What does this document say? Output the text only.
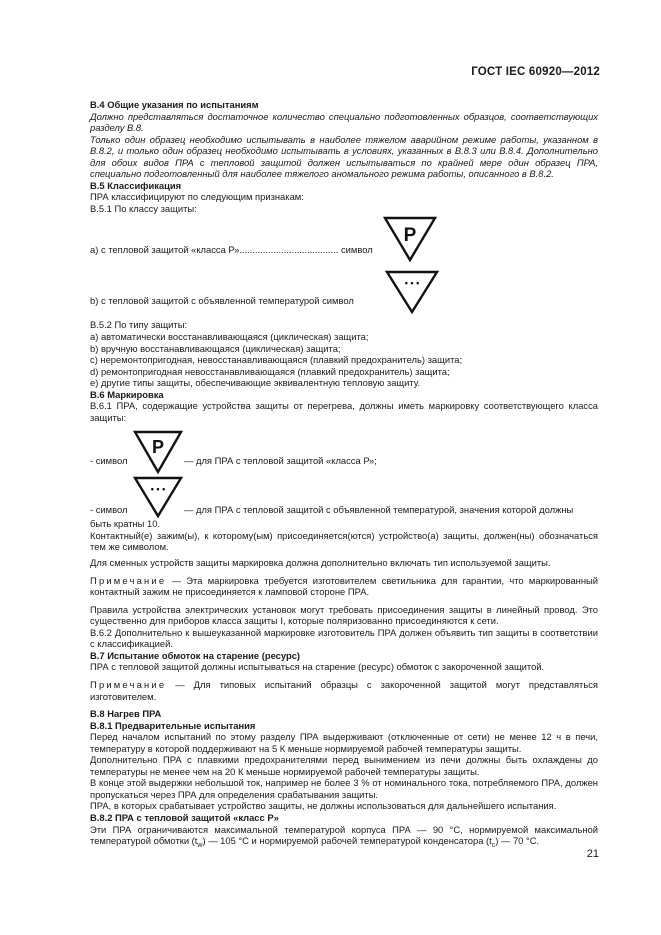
ГОСТ IEC 60920—2012

В.4 Общие указания по испытаниям

Должно представляться достаточное количество специально подготовленных образцов, соответствующих разделу В.8.

Только один образец необходимо испытывать в наиболее тяжелом аварийном режиме работы, указанном в В.8.2, и только один образец необходимо испытывать в условиях, указанных в В.8.3 или В.8.4. Дополнительно для обоих видов ПРА с тепловой защитой должен испытываться по крайней мере один образец ПРА, специально подготовленный для наиболее тяжелого аномального режима работы, описанного в В.8.2.

В.5 Классификация

ПРА классифицируют по следующим признакам:

В.5.1 По классу защиты:

а) с тепловой защитой «класса Р»...................................... символ
P
b) с тепловой защитой с объявленной температурой символ
• • •

В.5.2 По типу защиты:

а) автоматически восстанавливающаяся (циклическая) защита;

b) вручную восстанавливающаяся (циклическая) защита;

с) неремонтопригодная, невосстанавливающаяся (плавкий предохранитель) защита;

d) ремонтопригодная невосстанавливающаяся (плавкий предохранитель) защита;

е) другие типы защиты, обеспечивающие эквивалентную тепловую защиту.

В.6 Маркировка

В.6.1 ПРА, содержащие устройства защиты от перегрева, должны иметь маркировку соответствующего класса защиты:

- символ
P
— для ПРА с тепловой защитой «класса Р»;
- символ
• • •
— для ПРА с тепловой защитой с объявленной температурой, значения которой должны

быть кратны 10.

Контактный(е) зажим(ы), к которому(ым) присоединяется(ются) устройство(а) защиты, должен(ны) обозначаться тем же символом.

Для сменных устройств защиты маркировка должна дополнительно включать тип используемой защиты.

Примечание — Эта маркировка требуется изготовителем светильника для гарантии, что маркированный контактный зажим не присоединяется к ламповой стороне ПРА.

Правила устройства электрических установок могут требовать присоединения защиты в линейный провод. Это существенно для приборов класса защиты I, которые поляризованно присоединяются к сети.

В.6.2 Дополнительно к вышеуказанной маркировке изготовитель ПРА должен объявить тип защиты в соответствии с классификацией.

В.7 Испытание обмоток на старение (ресурс)

ПРА с тепловой защитой должны испытываться на старение (ресурс) обмоток с закороченной защитой.

Примечание — Для типовых испытаний образцы с закороченной защитой могут представляться изготовителем.

В.8 Нагрев ПРА

В.8.1 Предварительные испытания

Перед началом испытаний по этому разделу ПРА выдерживают (отключенные от сети) не менее 12 ч в печи, температуру в которой поддерживают на 5 К меньше нормируемой рабочей температуры защиты.

Дополнительно ПРА с плавкими предохранителями перед вынимением из печи должны быть охлаждены до температуры не менее чем на 20 К меньше нормируемой рабочей температуры защиты.

В конце этой выдержки небольшой ток, например не более 3 % от номинального тока, потребляемого ПРА, должен пропускаться через ПРА для определения срабатывания защиты.

ПРА, в которых срабатывает устройство защиты, не должны использоваться для дальнейшего испытания.

В.8.2 ПРА с тепловой защитой «класс Р»

Эти ПРА ограничиваются максимальной температурой корпуса ПРА — 90 °С, нормируемой максимальной температурой обмотки $(t_w)$ — 105 °С и нормируемой рабочей температурой конденсатора $(t_c)$ — 70 °С.

21
